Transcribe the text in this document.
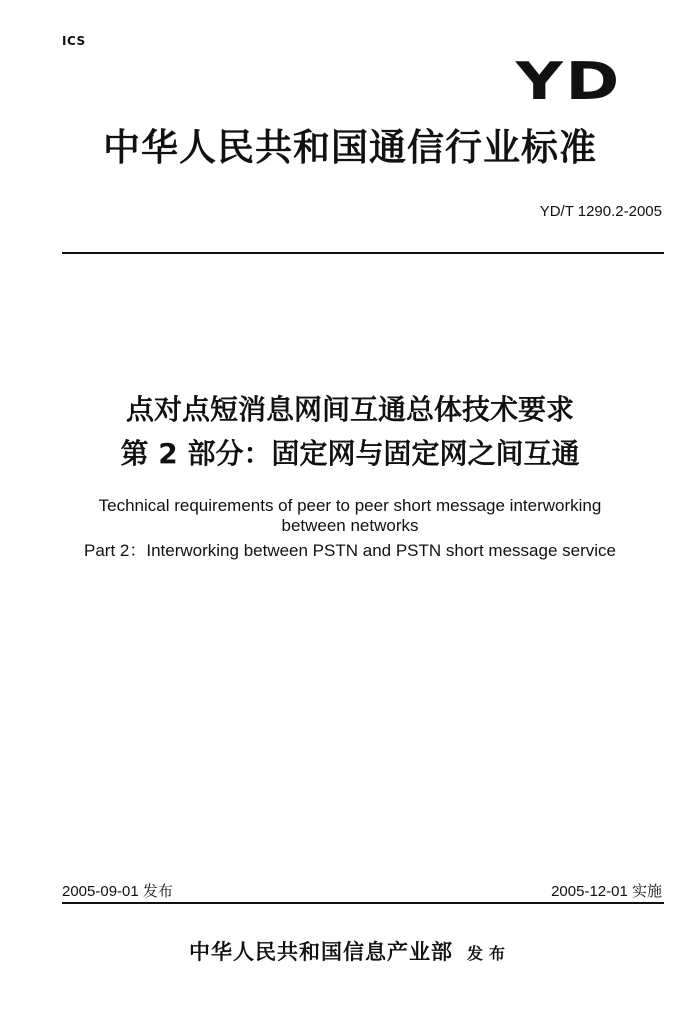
ICS
YD
中华人民共和国通信行业标准
YD/T 1290.2-2005
点对点短消息网间互通总体技术要求
第 2 部分：固定网与固定网之间互通
Technical requirements of peer to peer short message interworking
between networks
Part 2：Interworking between PSTN and PSTN short message service
2005-09-01 发布	2005-12-01 实施
中华人民共和国信息产业部 发布
